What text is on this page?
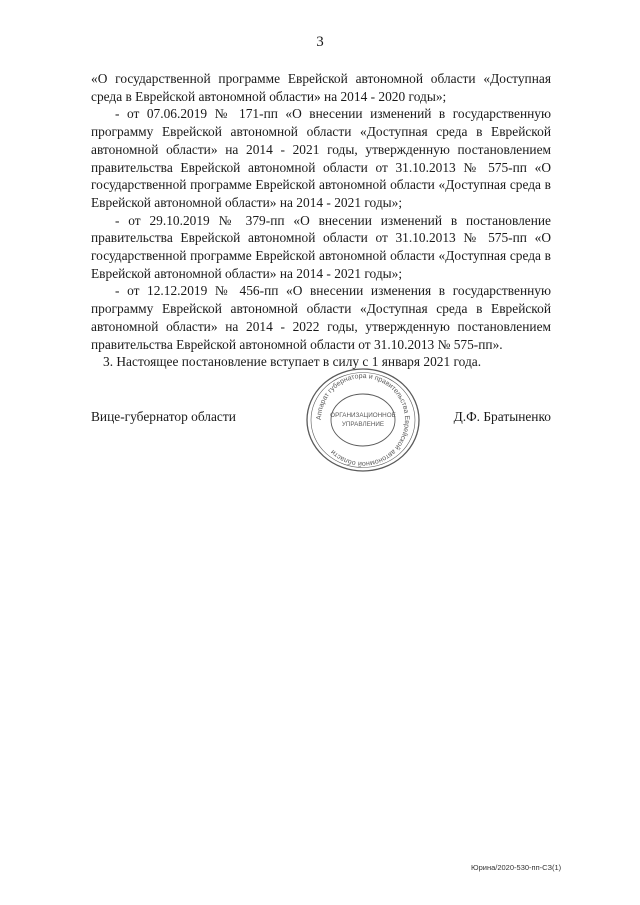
3

«О государственной программе Еврейской автономной области «Доступная среда в Еврейской автономной области» на 2014 - 2020 годы»;

- от 07.06.2019 № 171-пп «О внесении изменений в государственную программу Еврейской автономной области «Доступная среда в Еврейской автономной области» на 2014 - 2021 годы, утвержденную постановлением правительства Еврейской автономной области от 31.10.2013 № 575-пп «О государственной программе Еврейской автономной области «Доступная среда в Еврейской автономной области» на 2014 - 2021 годы»;

- от 29.10.2019 № 379-пп «О внесении изменений в постановление правительства Еврейской автономной области от 31.10.2013 № 575-пп «О государственной программе Еврейской автономной области «Доступная среда в Еврейской автономной области» на 2014 - 2021 годы»;

- от 12.12.2019 № 456-пп «О внесении изменения в государственную программу Еврейской автономной области «Доступная среда в Еврейской автономной области» на 2014 - 2022 годы, утвержденную постановлением правительства Еврейской автономной области от 31.10.2013 № 575-пп».

3. Настоящее постановление вступает в силу с 1 января 2021 года.

Вице-губернатор области	Д.Ф. Братыненко
Аппарат губернатора и правительства Еврейской автономной области
ОРГАНИЗАЦИОННОЕ
УПРАВЛЕНИЕ
Юрина/2020-530-пп-СЗ(1)
